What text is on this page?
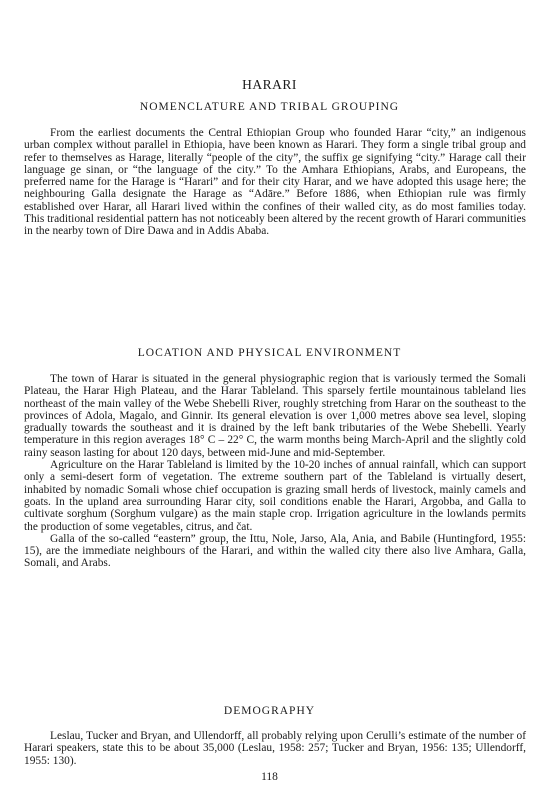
HARARI
NOMENCLATURE AND TRIBAL GROUPING

From the earliest documents the Central Ethiopian Group who founded Harar “city,” an indigenous urban complex without parallel in Ethiopia, have been known as Harari. They form a single tribal group and refer to themselves as Harage, literally “people of the city”, the suffix ge signifying “city.” Harage call their language ge sinan, or “the language of the city.” To the Amhara Ethiopians, Arabs, and Europeans, the preferred name for the Harage is “Harari” and for their city Harar, and we have adopted this usage here; the neighbouring Galla designate the Harage as “Adāre.” Before 1886, when Ethiopian rule was firmly established over Harar, all Harari lived within the confines of their walled city, as do most families today. This traditional residential pattern has not noticeably been altered by the recent growth of Harari communities in the nearby town of Dire Dawa and in Addis Ababa.

LOCATION AND PHYSICAL ENVIRONMENT

The town of Harar is situated in the general physiographic region that is variously termed the Somali Plateau, the Harar High Plateau, and the Harar Tableland. This sparsely fertile mountainous tableland lies northeast of the main valley of the Webe Shebelli River, roughly stretching from Harar on the southeast to the provinces of Adola, Magalo, and Ginnir. Its general elevation is over 1,000 metres above sea level, sloping gradually towards the southeast and it is drained by the left bank tributaries of the Webe Shebelli. Yearly temperature in this region averages 18° C – 22° C, the warm months being March-April and the slightly cold rainy season lasting for about 120 days, between mid-June and mid-September.

Agriculture on the Harar Tableland is limited by the 10-20 inches of annual rainfall, which can support only a semi-desert form of vegetation. The extreme southern part of the Tableland is virtually desert, inhabited by nomadic Somali whose chief occupation is grazing small herds of livestock, mainly camels and goats. In the upland area surrounding Harar city, soil conditions enable the Harari, Argobba, and Galla to cultivate sorghum (Sorghum vulgare) as the main staple crop. Irrigation agriculture in the lowlands permits the production of some vegetables, citrus, and čat.

Galla of the so-called “eastern” group, the Ittu, Nole, Jarso, Ala, Ania, and Babile (Huntingford, 1955: 15), are the immediate neighbours of the Harari, and within the walled city there also live Amhara, Galla, Somali, and Arabs.

DEMOGRAPHY

Leslau, Tucker and Bryan, and Ullendorff, all probably relying upon Cerulli’s estimate of the number of Harari speakers, state this to be about 35,000 (Leslau, 1958: 257; Tucker and Bryan, 1956: 135; Ullendorff, 1955: 130).

118
